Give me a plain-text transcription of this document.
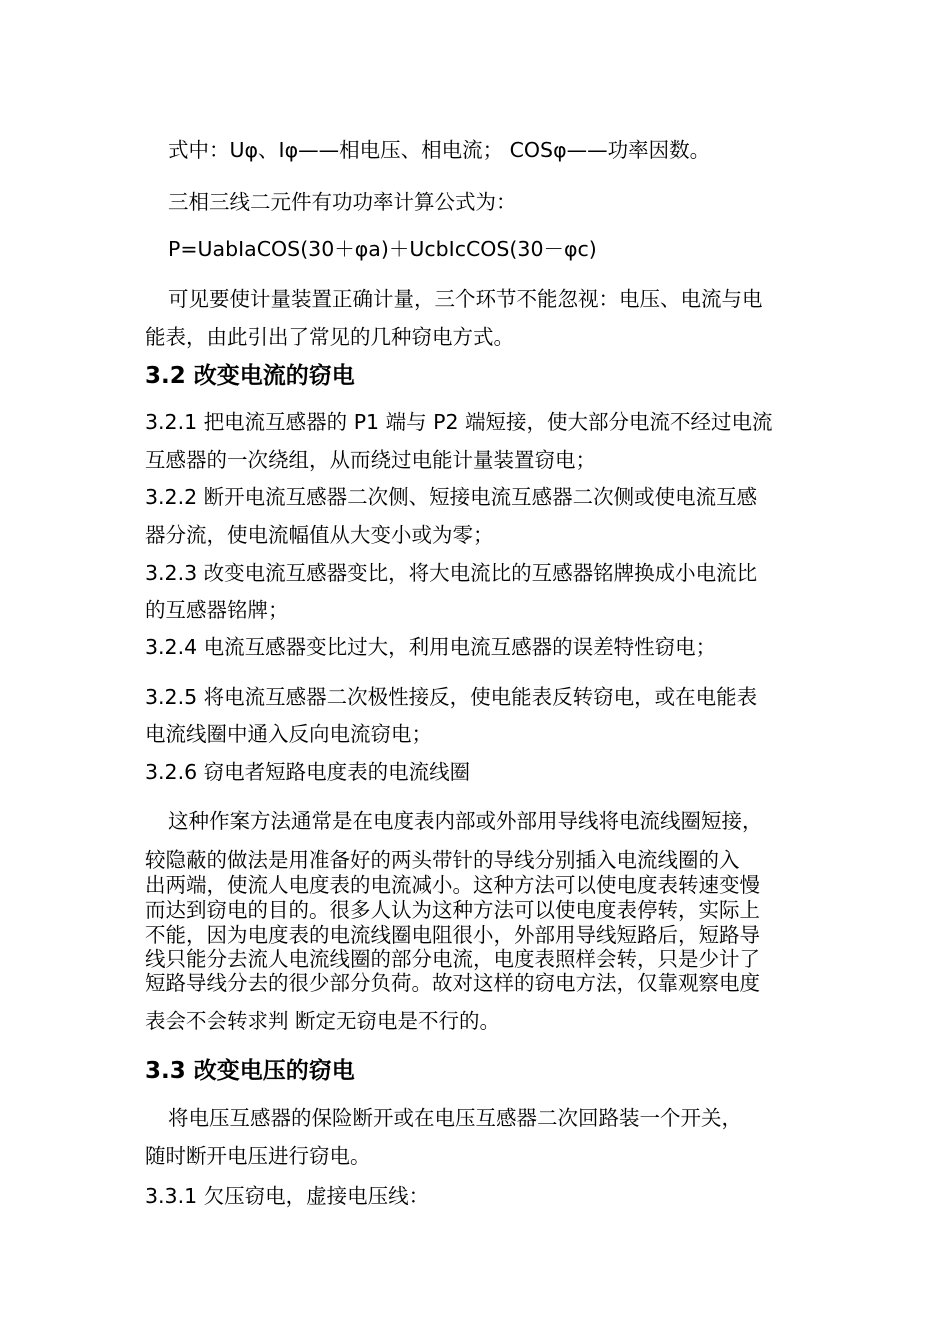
式中：Uφ、Iφ——相电压、相电流； COSφ——功率因数。
三相三线二元件有功功率计算公式为：
P=UabIaCOS(30＋φa)＋UcbIcCOS(30－φc)
可见要使计量装置正确计量，三个环节不能忽视：电压、电流与电
能表，由此引出了常见的几种窃电方式。
3.2 改变电流的窃电
3.2.1 把电流互感器的 P1 端与 P2 端短接，使大部分电流不经过电流
互感器的一次绕组，从而绕过电能计量装置窃电；
3.2.2 断开电流互感器二次侧、短接电流互感器二次侧或使电流互感
器分流，使电流幅值从大变小或为零；
3.2.3 改变电流互感器变比，将大电流比的互感器铭牌换成小电流比
的互感器铭牌；
3.2.4 电流互感器变比过大，利用电流互感器的误差特性窃电；
3.2.5 将电流互感器二次极性接反，使电能表反转窃电，或在电能表
电流线圈中通入反向电流窃电；
3.2.6 窃电者短路电度表的电流线圈
这种作案方法通常是在电度表内部或外部用导线将电流线圈短接，
较隐蔽的做法是用准备好的两头带针的导线分别插入电流线圈的入
出两端，使流人电度表的电流减小。这种方法可以使电度表转速变慢
而达到窃电的目的。很多人认为这种方法可以使电度表停转，实际上
不能，因为电度表的电流线圈电阻很小，外部用导线短路后，短路导
线只能分去流人电流线圈的部分电流，电度表照样会转，只是少计了
短路导线分去的很少部分负荷。故对这样的窃电方法，仅靠观察电度
表会不会转求判 断定无窃电是不行的。
3.3 改变电压的窃电
将电压互感器的保险断开或在电压互感器二次回路装一个开关，
随时断开电压进行窃电。
3.3.1 欠压窃电，虚接电压线：
